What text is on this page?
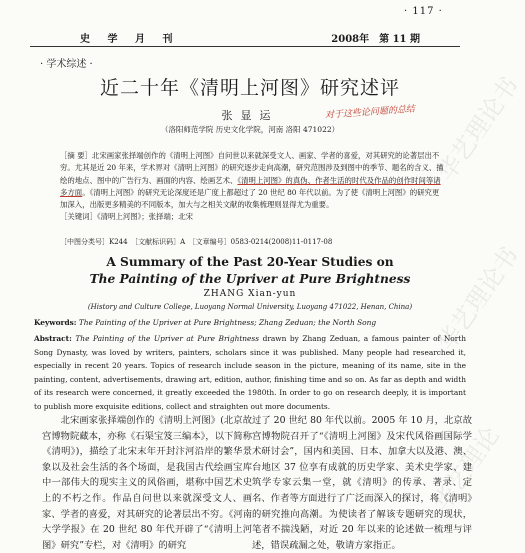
· 117 ·
史 学 月 刊	2008年　第 11 期
· 学术综述 ·
近二十年《清明上河图》研究述评
张显运	对于这些论问题的总结
（洛阳师范学院 历史文化学院，河南 洛阳 471022）

［摘 要］北宋画家张择端创作的《清明上河图》自问世以来就深受文人、画家、学者的喜爱，对其研究的论著层出不穷。尤其是近 20 年来，学术界对《清明上河图》的研究逐步走向高潮，研究范围涉及到图中的季节、题名的含义、描绘的地点、图中的广告行为、画面的内容、绘画艺术、《清明上河图》的真伪、作者生活的时代及作品的创作时间等诸多方面。《清明上河图》的研究无论深度还是广度上都超过了 20 世纪 80 年代以前。为了使《清明上河图》的研究更加深入，出版更多精美的不同版本，加大与之相关文献的收集梳理则显得尤为重要。

［关键词］《清明上河图》；张择端；北宋

［中图分类号］K244　［文献标识码］A　［文章编号］0583-0214(2008)11-0117-08
A Summary of the Past 20-Year Studies on
The Painting of the Upriver at Pure Brightness
ZHANG Xian-yun
(History and Culture College, Luoyang Normal University, Luoyang 471022, Henan, China)
Keywords: The Painting of the Upriver at Pure Brightness; Zhang Zeduan; the North Song
Abstract: The Painting of the Upriver at Pure Brightness drawn by Zhang Zeduan, a famous painter of North Song Dynasty, was loved by writers, painters, scholars since it was published. Many people had researched it, especially in recent 20 years. Topics of research include season in the picture, meaning of its name, site in the painting, content, advertisements, drawing art, edition, author, finishing time and so on. As far as depth and width of its research were concerned, it greatly exceeded the 1980th. In order to go on research deeply, it is important to publish more exquisite editions, collect and straighten out more documents.
北宋画家张择端创作的《清明上河图》(北京故宫博物院藏本，亦称《石渠宝笈三编本》，以下简称《清明》)，描绘了北宋末年开封汴河沿岸的繁华景象以及社会生活的各个场面，是我国古代绘画宝库中一部伟大的现实主义的风俗画，堪称中国艺术史上的不朽之作。作品自问世以来就深受文人、画家、学者的喜爱，对其研究的论著层出不穷。《河南大学学报》在 20 世纪 80 年代开辟了“《清明上河图》研究”专栏，对《清明》的研究
过了 20 世纪 80 年代以前。2005 年 10 月，北京故宫博物院召开了“《清明上河图》及宋代风俗画国际学术研讨会”，国内和美国、日本、加拿大以及港、澳、台地区 37 位享有成就的历史学家、美术史学家、建筑学专家云集一堂，就《清明》的传承、著录、定名、作者等方面进行了广泛而深入的探讨，将《清明》的研究推向高潮。为使读者了解该专题研究的现状，笔者不揣浅陋，对近 20 年以来的论述做一梳理与评述，错误疏漏之处，敬请方家指正。
华艺理论书
华艺理论书
华艺理论
